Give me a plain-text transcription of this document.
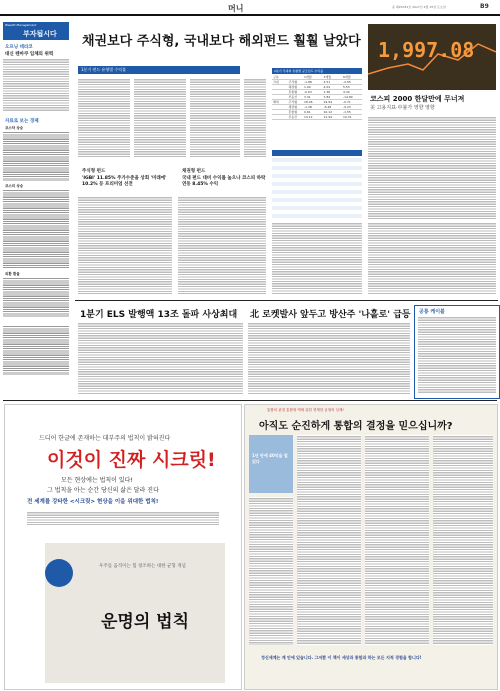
머니	중 제20331호 2017년 4월 15일 토요일	B9
Wealth Management
부자됩시다
오프닝 데라코
대신 텐마쿠 입체의 위력
자료로 보는 경제
코스닥 상승
코스피 상승
외환 환율
채권보다 주식형, 국내보다 해외펀드 훨훨 날았다
1분기 펀드 유형별 수익률	1분기 국내외 유형별 공모펀드 수익률
구분	1개월	3개월	6개월
국내	주식형	-1.88	2.51	-2.65
채권형	1.09	4.04	5.53
혼합형	-0.63	1.36	4.34
부동산	3.31	7.84	-14.80
해외	주식형	18.46	19.94	-0.71
채권형	-1.38	-6.48	-9.23
혼합형	0.61	10.12	-1.55
부동산	14.12	11.94	10.31
1,997.08
코스피 2000 한달만에 무너져
美 고용지표·中불가 영향 영향
주식형 펀드
'IGBI' 11.85% 주가수준을 상회 '미래에' 10.2% 등 프리미엄 선전
채권형 펀드
국내 펀드 대비 수익률 높으나 코스피 하락 연동 8.45% 수익
1분기 ELS 발행액 13조 돌파 사상최대 北 로켓발사 앞두고 방산주 '나홀로' 급등 공룡 케이블
드디어 한글에 존재하는 대부주의 법칙이 밝혀진다
이것이 진짜 시크릿!
모든 현상에는 법칙이 있다!
그 법칙을 아는 순간 당신의 삶은 달라 진다
전 세계를 강타한 <시크릿> 현상을 이을 위대한 법칙!
우주를 움직이는 힘 창조하는 대한 균형 개념
운명의 법칙
통합의 관점 통합형 엑세 위한 현제한 균형의 실제!
아직도 순진하게 통합의 결정을 믿으십니까?
1년 만에 40억을 벌었다
정신세계는 계 안에 있습니다. 그저뿐 이 책이 세상과 통합과 하는 모든 지적 경험을 합니다!
